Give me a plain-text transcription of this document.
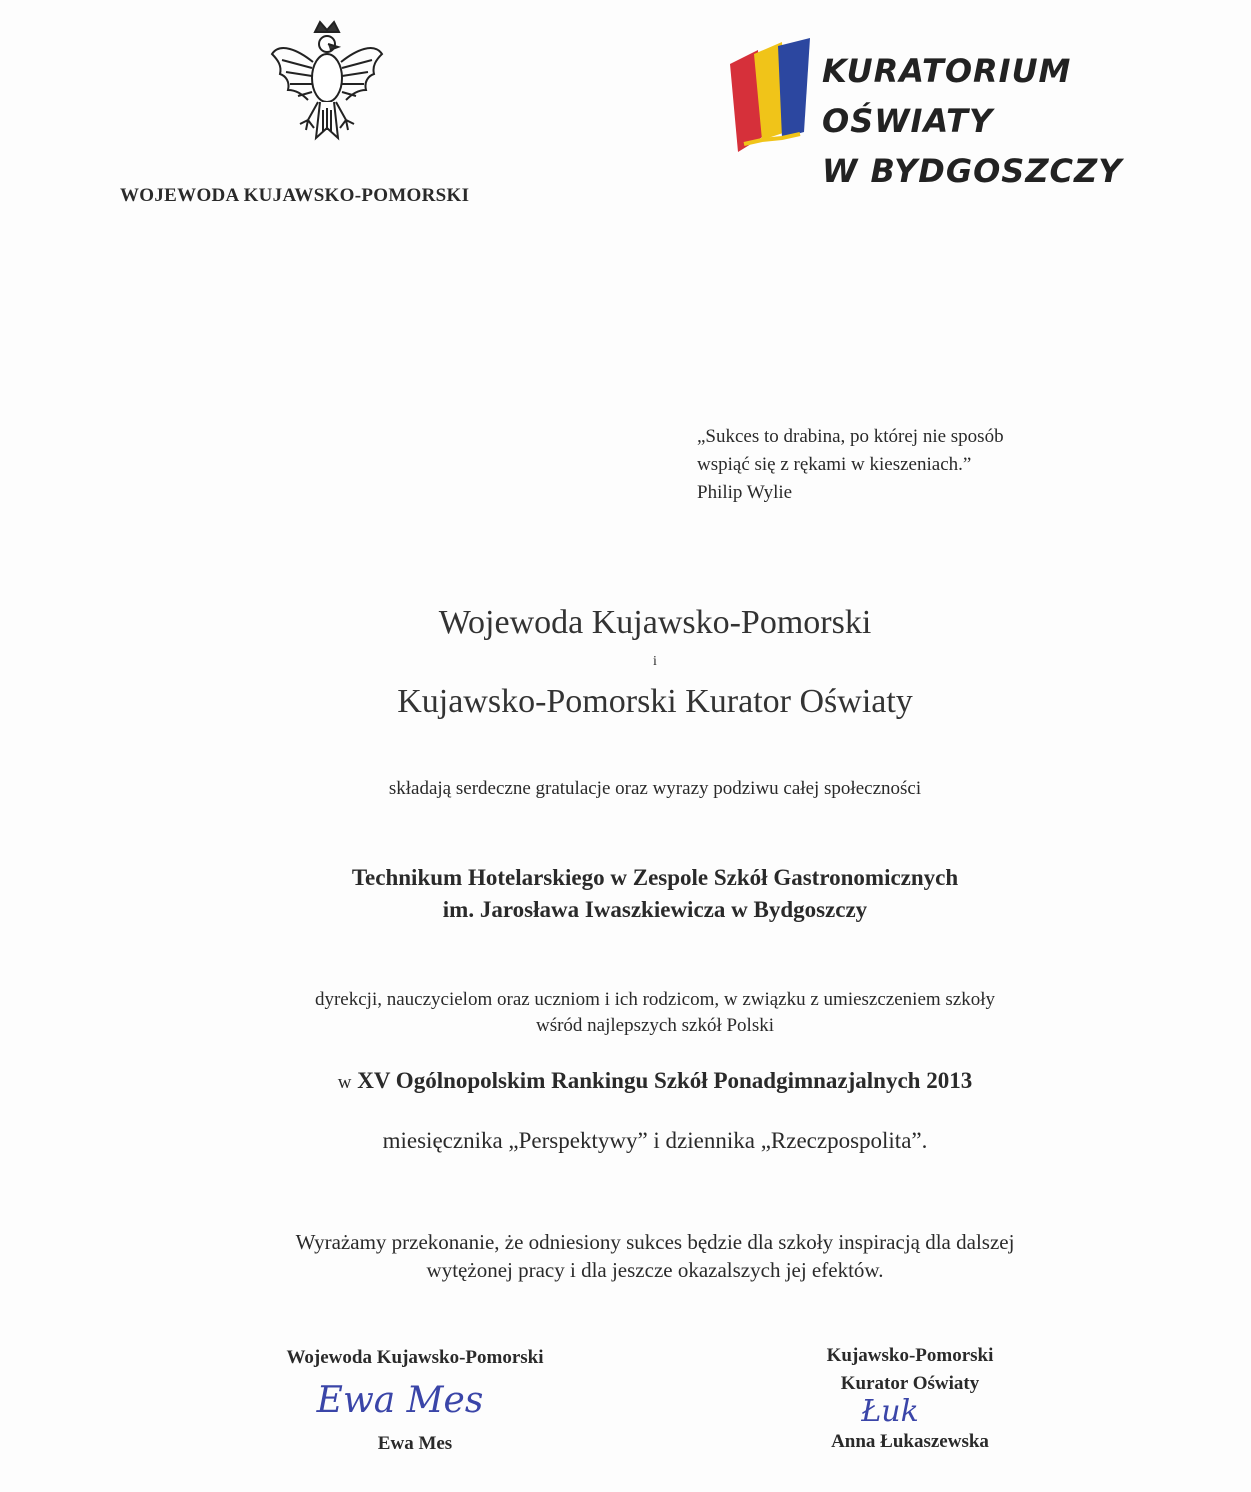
WOJEWODA KUJAWSKO-POMORSKI
KURATORIUM OŚWIATY
W BYDGOSZCZY
„Sukces to drabina, po której nie sposób
wspiąć się z rękami w kieszeniach.”
Philip Wylie
Wojewoda Kujawsko-Pomorski
i
Kujawsko-Pomorski Kurator Oświaty
składają serdeczne gratulacje oraz wyrazy podziwu całej społeczności
Technikum Hotelarskiego w Zespole Szkół Gastronomicznych
im. Jarosława Iwaszkiewicza w Bydgoszczy
dyrekcji, nauczycielom oraz uczniom i ich rodzicom, w związku z umieszczeniem szkoły
wśród najlepszych szkół Polski
w XV Ogólnopolskim Rankingu Szkół Ponadgimnazjalnych 2013
miesięcznika „Perspektywy” i dziennika „Rzeczpospolita”.
Wyrażamy przekonanie, że odniesiony sukces będzie dla szkoły inspiracją dla dalszej
wytężonej pracy i dla jeszcze okazalszych jej efektów.
Wojewoda Kujawsko-Pomorski
Ewa Mes
Ewa Mes
Kujawsko-Pomorski
Kurator Oświaty
Łuk
Anna Łukaszewska
